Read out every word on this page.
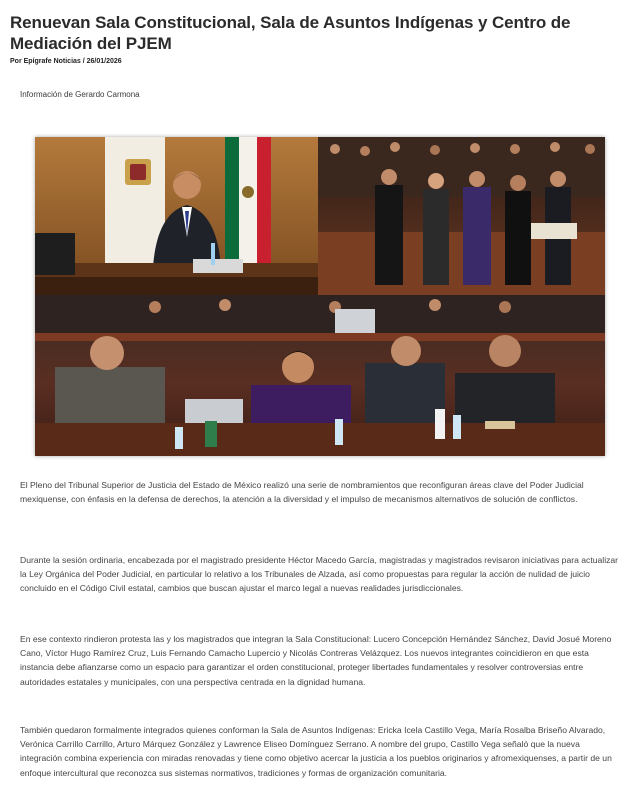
Renuevan Sala Constitucional, Sala de Asuntos Indígenas y Centro de Mediación del PJEM
Por Epígrafe Noticias / 26/01/2026
Información de Gerardo Carmona

El Pleno del Tribunal Superior de Justicia del Estado de México realizó una serie de nombramientos que reconfiguran áreas clave del Poder Judicial mexiquense, con énfasis en la defensa de derechos, la atención a la diversidad y el impulso de mecanismos alternativos de solución de conflictos.

Durante la sesión ordinaria, encabezada por el magistrado presidente Héctor Macedo García, magistradas y magistrados revisaron iniciativas para actualizar la Ley Orgánica del Poder Judicial, en particular lo relativo a los Tribunales de Alzada, así como propuestas para regular la acción de nulidad de juicio concluido en el Código Civil estatal, cambios que buscan ajustar el marco legal a nuevas realidades jurisdiccionales.

En ese contexto rindieron protesta las y los magistrados que integran la Sala Constitucional: Lucero Concepción Hernández Sánchez, David Josué Moreno Cano, Víctor Hugo Ramírez Cruz, Luis Fernando Camacho Lupercio y Nicolás Contreras Velázquez. Los nuevos integrantes coincidieron en que esta instancia debe afianzarse como un espacio para garantizar el orden constitucional, proteger libertades fundamentales y resolver controversias entre autoridades estatales y municipales, con una perspectiva centrada en la dignidad humana.

También quedaron formalmente integrados quienes conforman la Sala de Asuntos Indígenas: Ericka Icela Castillo Vega, María Rosalba Briseño Alvarado, Verónica Carrillo Carrillo, Arturo Márquez González y Lawrence Eliseo Domínguez Serrano. A nombre del grupo, Castillo Vega señaló que la nueva integración combina experiencia con miradas renovadas y tiene como objetivo acercar la justicia a los pueblos originarios y afromexiquenses, a partir de un enfoque intercultural que reconozca sus sistemas normativos, tradiciones y formas de organización comunitaria.
